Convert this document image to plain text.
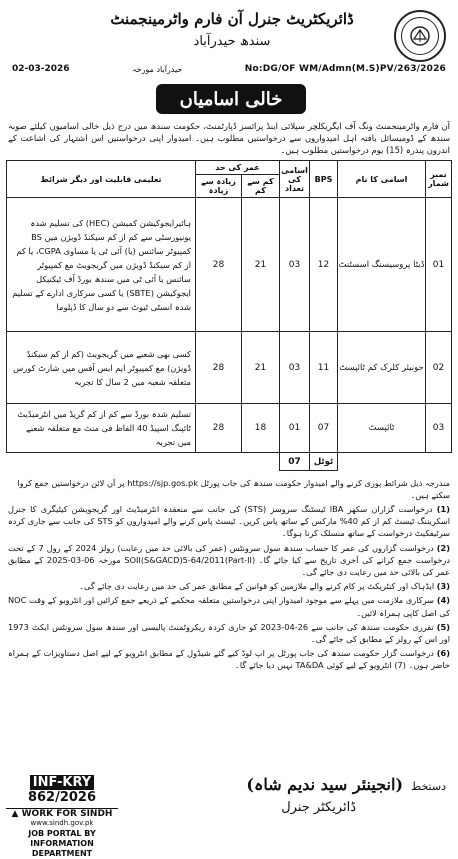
ڈائریکٹریٹ جنرل آن فارم واٹرمینجمنٹ
سندھ حیدرآباد
02-03-2026	حیدرآباد مورخہ	No:DG/OF WM/Admn(M.S)PV/263/2026
خالی اسامیاں
آن فارم واٹرمینجمنٹ ونگ آف ایگریکلچر سپلائی اینڈ پرائسز ڈپارٹمنٹ، حکومت سندھ میں درج ذیل خالی اسامیوں کیلئے صوبہ سندھ کے ڈومیسائل یافتہ اہل امیدواروں سے درخواستیں مطلوب ہیں۔ امیدوار اپنی درخواستیں اس اشتہار کی اشاعت کے اندرون پندرہ (15) یوم درخواستیں مطلوب ہیں۔
نمبر شمار	اسامی کا نام	BPS	اسامی کی تعداد	عمر کی حد		تعلیمی قابلیت اور دیگر شرائط
				کم سے کم	زیادہ سے زیادہ	
01	ڈیٹا پروسیسنگ اسسٹنٹ	12	03	21	28	ہائیرایجوکیشن کمیشن (HEC) کی تسلیم شدہ یونیورسٹی سے کم از کم سیکنڈ ڈویژن میں BS کمپیوٹر سائنس (یا) آئی ٹی یا مساوی CGPA، یا کم از کم سیکنڈ ڈویژن میں گریجویٹ مع کمپیوٹر سائنس یا آئی ٹی میں سندھ بورڈ آف ٹیکنیکل ایجوکیشن (SBTE) یا کسی سرکاری ادارے کے تسلیم شدہ انسٹی ٹیوٹ سے دو سال کا ڈپلوما
02	جونیئر کلرک کم ٹائپسٹ	11	03	21	28	کسی بھی شعبے میں گریجویٹ (کم از کم سیکنڈ ڈویژن) مع کمپیوٹر ایم ایس آفس میں شارٹ کورس متعلقہ شعبہ میں 2 سال کا تجربہ
03	ٹائپسٹ	07	01	18	28	تسلیم شدہ بورڈ سے کم از کم گریڈ میں انٹرمیڈیٹ ٹائپنگ اسپیڈ 40 الفاظ فی منٹ مع متعلقہ شعبے میں تجربہ
		ٹوٹل	07			
مندرجہ ذیل شرائط پوری کرنے والے امیدوار حکومت سندھ کی جاب پورٹل https://sjp.gos.pk پر آن لائن درخواستیں جمع کروا سکتے ہیں۔
(1) درخواست گزاران سکھر IBA ٹیسٹنگ سروسز (STS) کی جانب سے منعقدہ انٹرمیڈیٹ اور گریجویشن کیٹیگری کا جنرل اسکریننگ ٹیسٹ کم از کم 40% مارکس کے ساتھ پاس کریں۔ ٹیسٹ پاس کرنے والے امیدواروں کو STS کی جانب سے جاری کردہ سرٹیفکیٹ درخواست کے ساتھ منسلک کرنا ہوگا۔
(2) درخواست گزاروں کی عمر کا حساب سندھ سول سرونٹس (عمر کی بالائی حد میں رعایت) رولز 2024 کے رول 7 کے تحت درخواست جمع کرانے کی آخری تاریخ سے کیا جائے گا۔ SOII(S&GACD)5-64/2011(Part-II) مورخہ 06-03-2025 کے مطابق عمر کی بالائی حد میں رعایت دی جائے گی۔
(3) ایڈہاک اور کنٹریکٹ پر کام کرنے والے ملازمین کو قوانین کے مطابق عمر کی حد میں رعایت دی جائے گی۔
(4) سرکاری ملازمت میں پہلے سے موجود امیدوار اپنی درخواستیں متعلقہ محکمے کے ذریعے جمع کرائیں اور انٹرویو کے وقت NOC کی اصل کاپی ہمراہ لائیں۔
(5) تقرری حکومت سندھ کی جانب سے 26-04-2023 کو جاری کردہ ریکروٹمنٹ پالیسی اور سندھ سول سرونٹس ایکٹ 1973 اور اس کے رولز کے مطابق کی جائے گی۔
(6) درخواست گزار حکومت سندھ کی جاب پورٹل پر اپ لوڈ کیے گئے شیڈول کے مطابق انٹرویو کے لیے اصل دستاویزات کے ہمراہ حاضر ہوں۔ (7) انٹرویو کے لیے کوئی TA&DA نہیں دیا جائے گا۔
INF-KRY 862/2026
▲ WORK FOR SINDH
www.sindh.gov.pk
JOB PORTAL BY INFORMATION DEPARTMENT
دستخط
(انجینئر سید ندیم شاہ)
ڈائریکٹر جنرل
